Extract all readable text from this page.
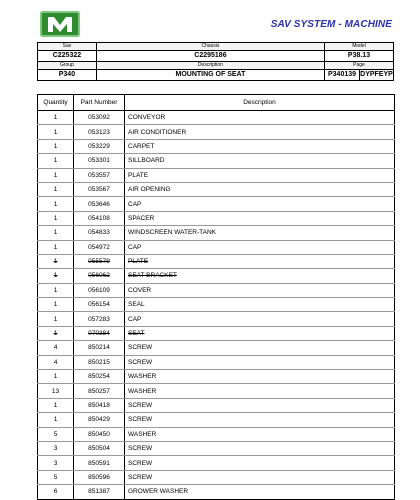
SAV SYSTEM - MACHINE
Sav	Chassis	Model	
C225322	C2295186	P38.13	
Group	Description	Page	
P340	MOUNTING OF SEAT	P340139	DYPFEYP
Quantity	Part Number	Description
1	053092	CONVEYOR
1	053123	AIR CONDITIONER
1	053229	CARPET
1	053301	SILLBOARD
1	053557	PLATE
1	053567	AIR OPENING
1	053646	CAP
1	054108	SPACER
1	054833	WINDSCREEN WATER-TANK
1	054972	CAP
1	055579	PLATE
1	056062	SEAT BRACKET
1	056109	COVER
1	056154	SEAL
1	057283	CAP
1	070384	SEAT
4	850214	SCREW
4	850215	SCREW
1	850254	WASHER
13	850257	WASHER
1	850418	SCREW
1	850429	SCREW
5	850450	WASHER
3	850504	SCREW
3	850591	SCREW
5	850596	SCREW
6	851387	GROWER WASHER
